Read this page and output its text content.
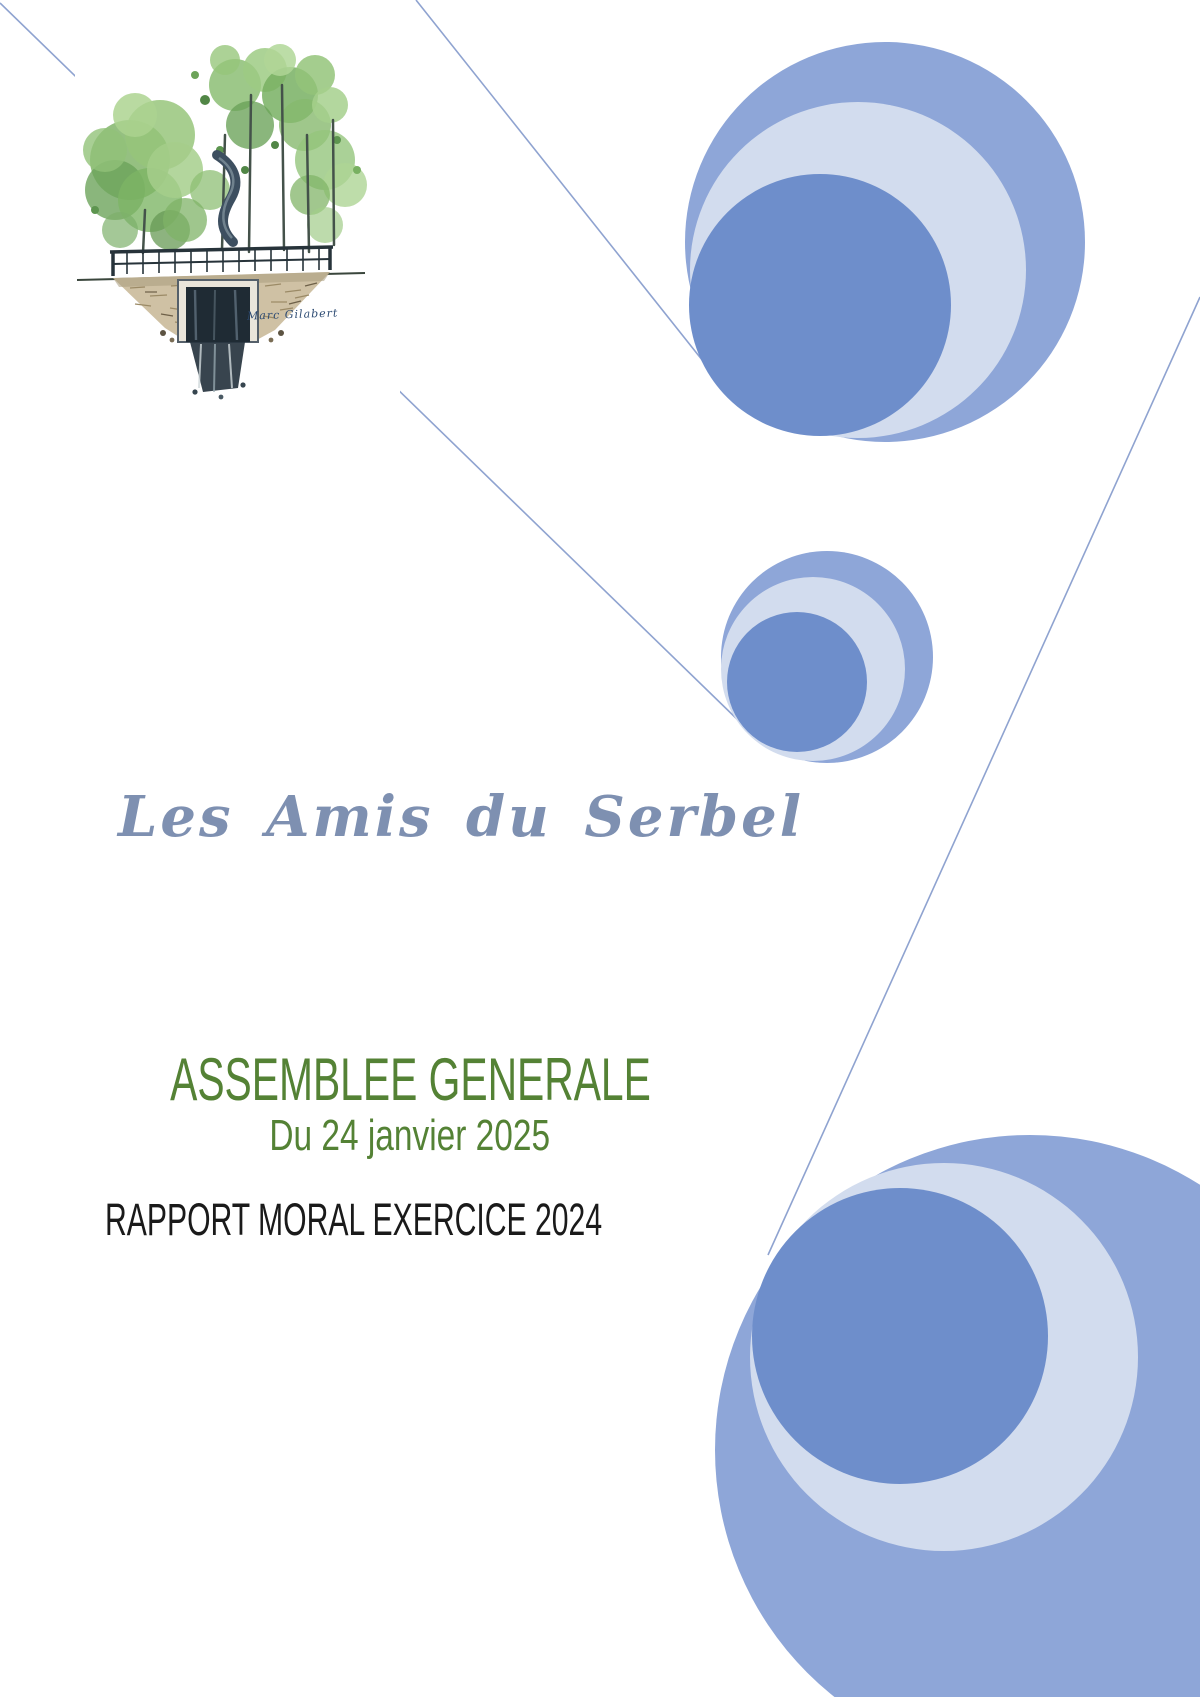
Marc Gilabert
Les Amis du Serbel
ASSEMBLEE GENERALE
Du 24 janvier 2025
RAPPORT MORAL EXERCICE 2024
